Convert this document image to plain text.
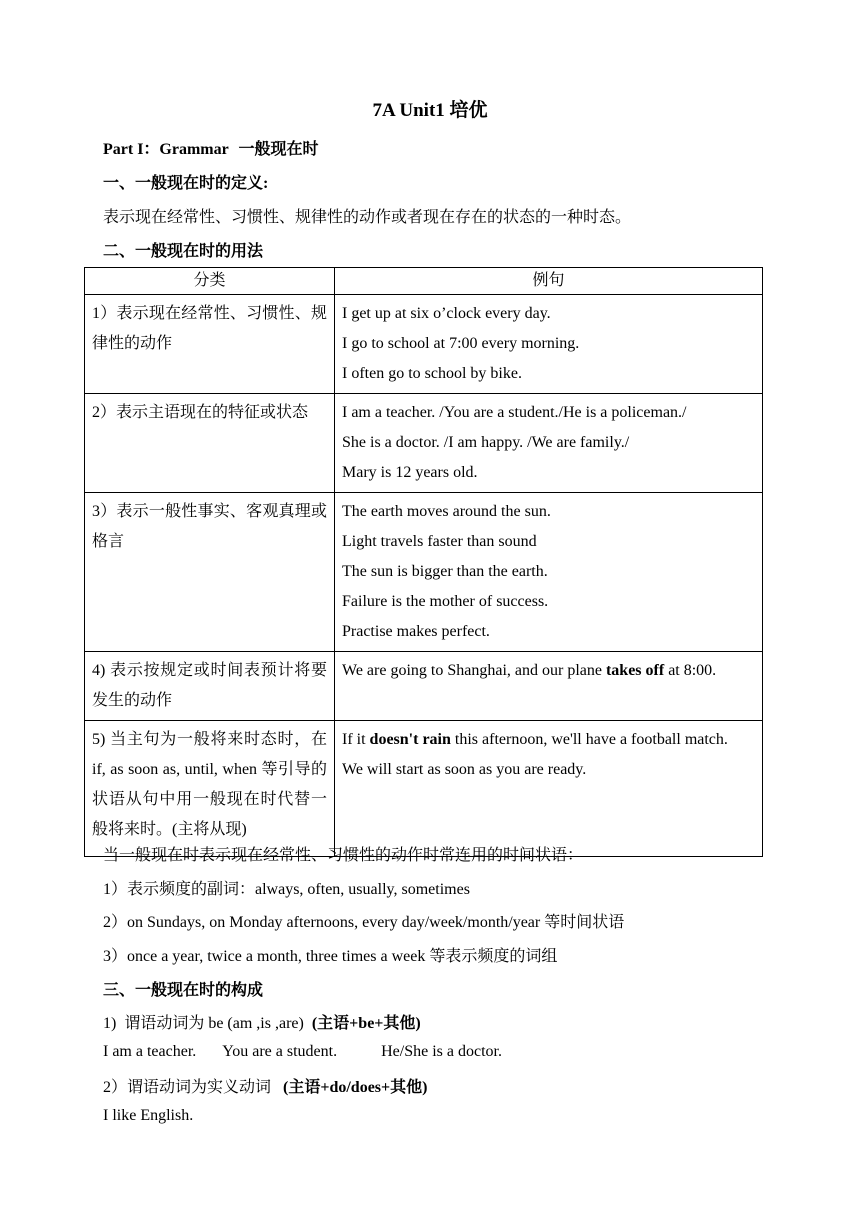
7A Unit1 培优
Part I：Grammar 一般现在时
一、一般现在时的定义:
表示现在经常性、习惯性、规律性的动作或者现在存在的状态的一种时态。
二、一般现在时的用法
分类	例句
1）表示现在经常性、习惯性、规律性的动作	I get up at six o’clock every day.
I go to school at 7:00 every morning.
I often go to school by bike.

2）表示主语现在的特征或状态	I am a teacher. /You are a student./He is a policeman./
She is a doctor. /I am happy. /We are family./
Mary is 12 years old.

3）表示一般性事实、客观真理或格言	The earth moves around the sun.
Light travels faster than sound
The sun is bigger than the earth.
Failure is the mother of success.
Practise makes perfect.

4) 表示按规定或时间表预计将要发生的动作	We are going to Shanghai, and our plane takes off at 8:00.

5) 当主句为一般将来时态时，在 if, as soon as, until, when 等引导的状语从句中用一般现在时代替一般将来时。(主将从现)	If it doesn't rain this afternoon, we'll have a football match.
We will start as soon as you are ready.
当一般现在时表示现在经常性、习惯性的动作时常连用的时间状语：
1）表示频度的副词：always, often, usually, sometimes
2）on Sundays, on Monday afternoons, every day/week/month/year 等时间状语
3）once a year, twice a month, three times a week 等表示频度的词组
三、一般现在时的构成
1)  谓语动词为 be (am ,is ,are)  (主语+be+其他)
I am a teacher. You are a student.	He/She is a doctor.
2）谓语动词为实义动词   (主语+do/does+其他)
I like English.
